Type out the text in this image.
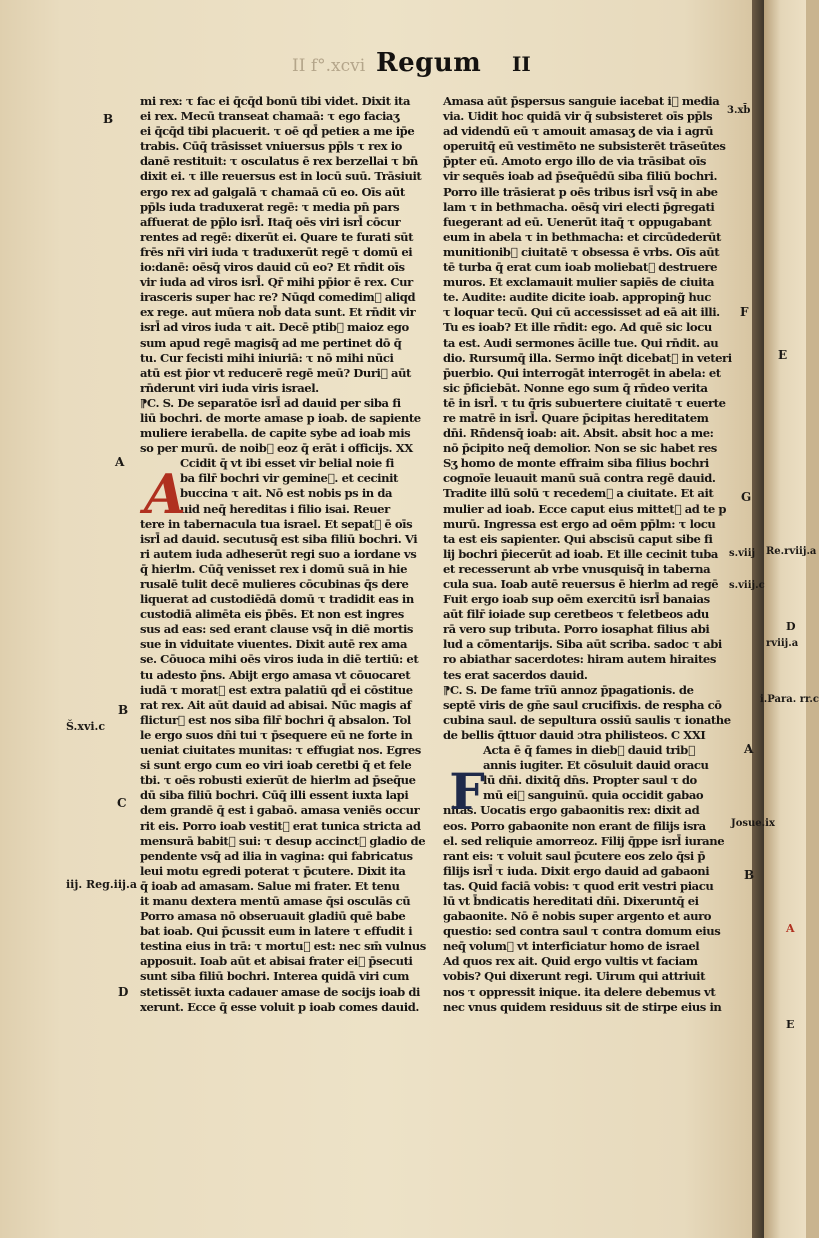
II f°.xcvi Regum II
mi rex: τ fac ei q̄cq̄d bonū tibi videt. Dixit ita
ei rex. Mecū transeat chamaā: τ ego faciaʒ
ei q̄cq̄d tibi placuerit. τ oē qd̄ petieʀ a me ip̄e
trabis. Cūq̄ trāsisset vniuersus pp̄ls τ rex io
danē restituit: τ osculatus ē rex berzellai τ bn̄
dixit ei. τ ille reuersus est in locū suū. Trāsiuit
ergo rex ad galgalā τ chamaā cū eo. Oīs aūt
pp̄ls iuda traduxerat regē: τ media pn̄ pars
affuerat de pp̄lo isrl̄. Itaq̄ oēs viri isrl̄ cōcur
rentes ad regē: dixerūt ei. Quare te furati sūt
frēs nr̄i viri iuda τ traduxerūt regē τ domū ei
io:danē: oēsq̄ viros dauid cū eo? Et rn̄dit oīs
vir iuda ad viros isrl̄. Qr̄ mihi pp̄ior ē rex. Cur
irasceris super hac re? Nūqd comedim᷒ aliqd
ex rege. aut mūera nob̄ data sunt. Et rn̄dit vir
isrl̄ ad viros iuda τ ait. Decē ptib᷒ maioz ego
sum apud regē magisq̄ ad me pertinet dō q̄
tu. Cur fecisti mihi iniuriā: τ nō mihi nūci
atū est p̄ior vt reducerē regē meū? Duri᷒ aūt
rn̄derunt viri iuda viris israel.
⁋C. S. De separatōe isrl̄ ad dauid per siba fi
liū bochri. de morte amase p ioab. de sapiente
muliere ierabella. de capite sybe ad ioab mis
so per murū. de noib᷒ eoz q̄ erāt i officijs. XX
Ccidit q̄ vt ibi esset vir belial noie fi
ba filr̄ bochri vir gemine᷒. et cecinit
buccina τ ait. Nō est nobis ps in da
uid neq̄ hereditas i filio isai. Reuer
tere in tabernacula tua israel. Et sepat᷒ ē oīs
isrl̄ ad dauid. secutusq̄ est siba filiū bochri. Vi
ri autem iuda adheserūt regi suo a iordane vs
q̄ hierlm. Cūq̄ venisset rex i domū suā in hie
rusalē tulit decē mulieres cōcubinas q̄s dere
liquerat ad custodiēdā domū τ tradidit eas in
custodiā alimēta eis p̄bēs. Et non est ingres
sus ad eas: sed erant clause vsq̄ in diē mortis
sue in viduitate viuentes. Dixit autē rex ama
se. Cōuoca mihi oēs viros iuda in diē tertiū: et
tu adesto p̄ns. Abijt ergo amasa vt cōuocaret
iudā τ morat᷒ est extra palatiū qd̄ ei cōstitue
rat rex. Ait aūt dauid ad abisai. Nūc magis af
flictur᷒ est nos siba filr̄ bochri q̄ absalon. Tol
le ergo suos dn̄i tui τ p̄sequere eū ne forte in
ueniat ciuitates munitas: τ effugiat nos. Egres
si sunt ergo cum eo viri ioab ceretbi q̄ et fele
tbi. τ oēs robusti exierūt de hierlm ad p̄seq̄ue
dū siba filiū bochri. Cūq̄ illi essent iuxta lapi
dem grandē q̄ est i gabaō. amasa veniēs occur
rit eis. Porro ioab vestit᷒ erat tunica stricta ad
mensurā babit᷒ sui: τ desup accinct᷒ gladio de
pendente vsq̄ ad ilia in vagina: qui fabricatus
leui motu egredi poterat τ p̄cutere. Dixit ita
q̄ ioab ad amasam. Salue mi frater. Et tenu
it manu dextera mentū amase q̄si osculās cū
Porro amasa nō obseruauit gladiū quē babe
bat ioab. Qui p̄cussit eum in latere τ effudit i
testina eius in trā: τ mortu᷒ est: nec sm̄ vulnus
apposuit. Ioab aūt et abisai frater ei᷒ p̄secuti
sunt siba filiū bochri. Interea quidā viri cum
stetissēt iuxta cadauer amase de socijs ioab di
xerunt. Ecce q̄ esse voluit p ioab comes dauid.
Amasa aūt p̄spersus sanguie iacebat i᷒ media
via. Uidit hoc quidā vir q̄ subsisteret oīs pp̄ls
ad videndū eū τ amouit amasaʒ de via i agrū
operuitq̄ eū vestimēto ne subsisterēt trāseūtes
p̄pter eū. Amoto ergo illo de via trāsibat oīs
vir sequēs ioab ad p̄seq̄uēdū siba filiū bochri.
Porro ille trāsierat p oēs tribus isrl̄ vsq̄ in abe
lam τ in bethmacha. oēsq̄ viri electi p̄gregati
fuegerant ad eū. Uenerūt itaq̄ τ oppugabant
eum in abela τ in bethmacha: et circūdederūt
munitionib᷒ ciuitatē τ obsessa ē vrbs. Oīs aūt
tē turba q̄ erat cum ioab moliebat᷒ destruere
muros. Et exclamauit mulier sapiēs de ciuita
te. Audite: audite dicite ioab. approping̃ huc
τ loquar tecū. Qui cū accessisset ad eā ait illi.
Tu es ioab? Et ille rn̄dit: ego. Ad quē sic locu
ta est. Audi sermones ācille tue. Qui rn̄dit. au
dio. Rursumq̄ illa. Sermo inq̄t dicebat᷒ in veteri
p̄uerbio. Qui interrogāt interrogēt in abela: et
sic p̄ficiebāt. Nonne ego sum q̄ rn̄deo verita
tē in isrl̄. τ tu q̄ris subuertere ciuitatē τ euerte
re matrē in isrl̄. Quare p̄cipitas hereditatem
dn̄i. Rn̄densq̄ ioab: ait. Absit. absit hoc a me:
nō p̄cipito neq̄ demolior. Non se sic habet res
Sʒ homo de monte effraim siba filius bochri
cognoīe leuauit manū suā contra regē dauid.
Tradite illū solū τ recedem᷒ a ciuitate. Et ait
mulier ad ioab. Ecce caput eius mittet᷒ ad te p
murū. Ingressa est ergo ad oēm pp̄lm: τ locu
ta est eis sapienter. Qui abscisū caput sibe fi
lij bochri p̄iecerūt ad ioab. Et ille cecinit tuba
et recesserunt ab vrbe vnusquisq̄ in taberna
cula sua. Ioab autē reuersus ē hierlm ad regē
Fuit ergo ioab sup oēm exercitū isrl̄ banaias
aūt filr̄ ioiade sup ceretbeos τ feletbeos adu
rā vero sup tributa. Porro iosaphat filius abi
lud a cōmentarijs. Siba aūt scriba. sadoc τ abi
ro abiathar sacerdotes: hiram autem hiraites
tes erat sacerdos dauid.
⁋C. S. De fame trīū annoz p̄pagationis. de
septē viris de gn̄e saul crucifixis. de respha cō
cubina saul. de sepultura ossiū saulis τ ionathe
de bellis q̄ttuor dauid ɔtra philisteos. C XXI
Acta ē q̄ fames in dieb᷒ dauid trib᷒
annis iugiter. Et cōsuluit dauid oracu
lū dn̄i. dixitq̄ dn̄s. Propter saul τ do
mū ei᷒ sanguinū. quia occidit gabao
nitas. Uocatis ergo gabaonitis rex: dixit ad
eos. Porro gabaonite non erant de filijs isra
el. sed reliquie amorreoz. Filij q̄ppe isrl̄ iurane
rant eis: τ voluit saul p̄cutere eos zelo q̄si p̄
filijs isrl̄ τ iuda. Dixit ergo dauid ad gabaoni
tas. Quid faciā vobis: τ quod erit vestri piacu
lū vt b̄ndicatis hereditati dn̄i. Dixeruntq̄ ei
gabaonite. Nō ē nobis super argento et auro
questio: sed contra saul τ contra domum eius
neq̄ volum᷒ vt interficiatur homo de israel
Ad quos rex ait. Quid ergo vultis vt faciam
vobis? Qui dixerunt regi. Uirum qui attriuit
nos τ oppressit inique. ita delere debemus vt
nec vnus quidem residuus sit de stirpe eius in
A
F
B
A
B
Š.xvi.c
C
iij. Reg.iij.a
D
3.xb̄
F
E
G
s.viij
s.viij.c
A
Josue.ix
B
Re.rviij.a
D
rviij.a
i.Para. rr.c
A
E
